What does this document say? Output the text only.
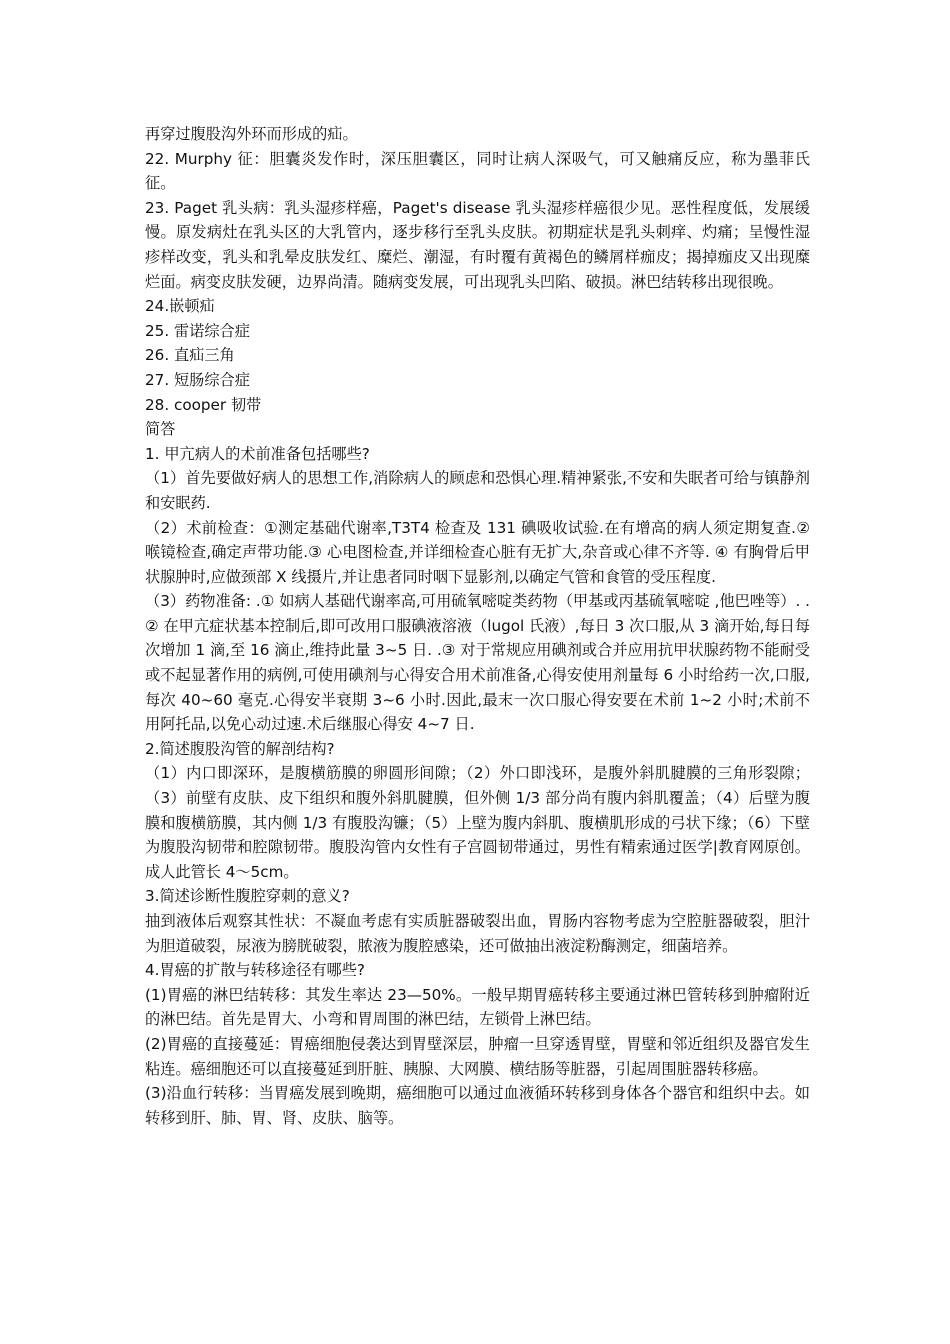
再穿过腹股沟外环而形成的疝。

22. Murphy 征：胆囊炎发作时，深压胆囊区，同时让病人深吸气，可又触痛反应，称为墨菲氏征。

23. Paget 乳头病：乳头湿疹样癌，Paget's disease 乳头湿疹样癌很少见。恶性程度低，发展缓慢。原发病灶在乳头区的大乳管内，逐步移行至乳头皮肤。初期症状是乳头刺痒、灼痛；呈慢性湿疹样改变，乳头和乳晕皮肤发红、糜烂、潮湿，有时覆有黄褐色的鳞屑样痂皮；揭掉痂皮又出现糜烂面。病变皮肤发硬，边界尚清。随病变发展，可出现乳头凹陷、破损。淋巴结转移出现很晚。

24.嵌顿疝

25. 雷诺综合症

26. 直疝三角

27. 短肠综合症

28. cooper 韧带

简答

1. 甲亢病人的术前准备包括哪些?

（1）首先要做好病人的思想工作,消除病人的顾虑和恐惧心理.精神紧张,不安和失眠者可给与镇静剂和安眠药.

（2）术前检查：①测定基础代谢率,T3T4 检查及 131 碘吸收试验.在有增高的病人须定期复查.② 喉镜检查,确定声带功能.③ 心电图检查,并详细检查心脏有无扩大,杂音或心律不齐等. ④ 有胸骨后甲状腺肿时,应做颈部 X 线摄片,并让患者同时咽下显影剂,以确定气管和食管的受压程度.

（3）药物准备: .① 如病人基础代谢率高,可用硫氧嘧啶类药物（甲基或丙基硫氧嘧啶 ,他巴唑等）. .② 在甲亢症状基本控制后,即可改用口服碘液溶液（lugol 氏液）,每日 3 次口服,从 3 滴开始,每日每次增加 1 滴,至 16 滴止,维持此量 3~5 日. .③ 对于常规应用碘剂或合并应用抗甲状腺药物不能耐受或不起显著作用的病例,可使用碘剂与心得安合用术前准备,心得安使用剂量每 6 小时给药一次,口服,每次 40~60 毫克.心得安半衰期 3~6 小时.因此,最末一次口服心得安要在术前 1~2 小时;术前不用阿托品,以免心动过速.术后继服心得安 4~7 日.

2.简述腹股沟管的解剖结构?

（1）内口即深环，是腹横筋膜的卵圆形间隙；（2）外口即浅环，是腹外斜肌腱膜的三角形裂隙；（3）前壁有皮肤、皮下组织和腹外斜肌腱膜，但外侧 1/3 部分尚有腹内斜肌覆盖；（4）后壁为腹膜和腹横筋膜，其内侧 1/3 有腹股沟镰；（5）上壁为腹内斜肌、腹横肌形成的弓状下缘；（6）下壁为腹股沟韧带和腔隙韧带。腹股沟管内女性有子宫圆韧带通过，男性有精索通过医学|教育网原创。成人此管长 4～5cm。

3.简述诊断性腹腔穿刺的意义?

抽到液体后观察其性状：不凝血考虑有实质脏器破裂出血，胃肠内容物考虑为空腔脏器破裂，胆汁为胆道破裂，尿液为膀胱破裂，脓液为腹腔感染，还可做抽出液淀粉酶测定，细菌培养。

4.胃癌的扩散与转移途径有哪些?

(1)胃癌的淋巴结转移：其发生率达 23—50%。一般早期胃癌转移主要通过淋巴管转移到肿瘤附近的淋巴结。首先是胃大、小弯和胃周围的淋巴结，左锁骨上淋巴结。

(2)胃癌的直接蔓延：胃癌细胞侵袭达到胃壁深层，肿瘤一旦穿透胃壁，胃壁和邻近组织及器官发生粘连。癌细胞还可以直接蔓延到肝脏、胰腺、大网膜、横结肠等脏器，引起周围脏器转移癌。

(3)沿血行转移：当胃癌发展到晚期，癌细胞可以通过血液循环转移到身体各个器官和组织中去。如转移到肝、肺、胃、肾、皮肤、脑等。
